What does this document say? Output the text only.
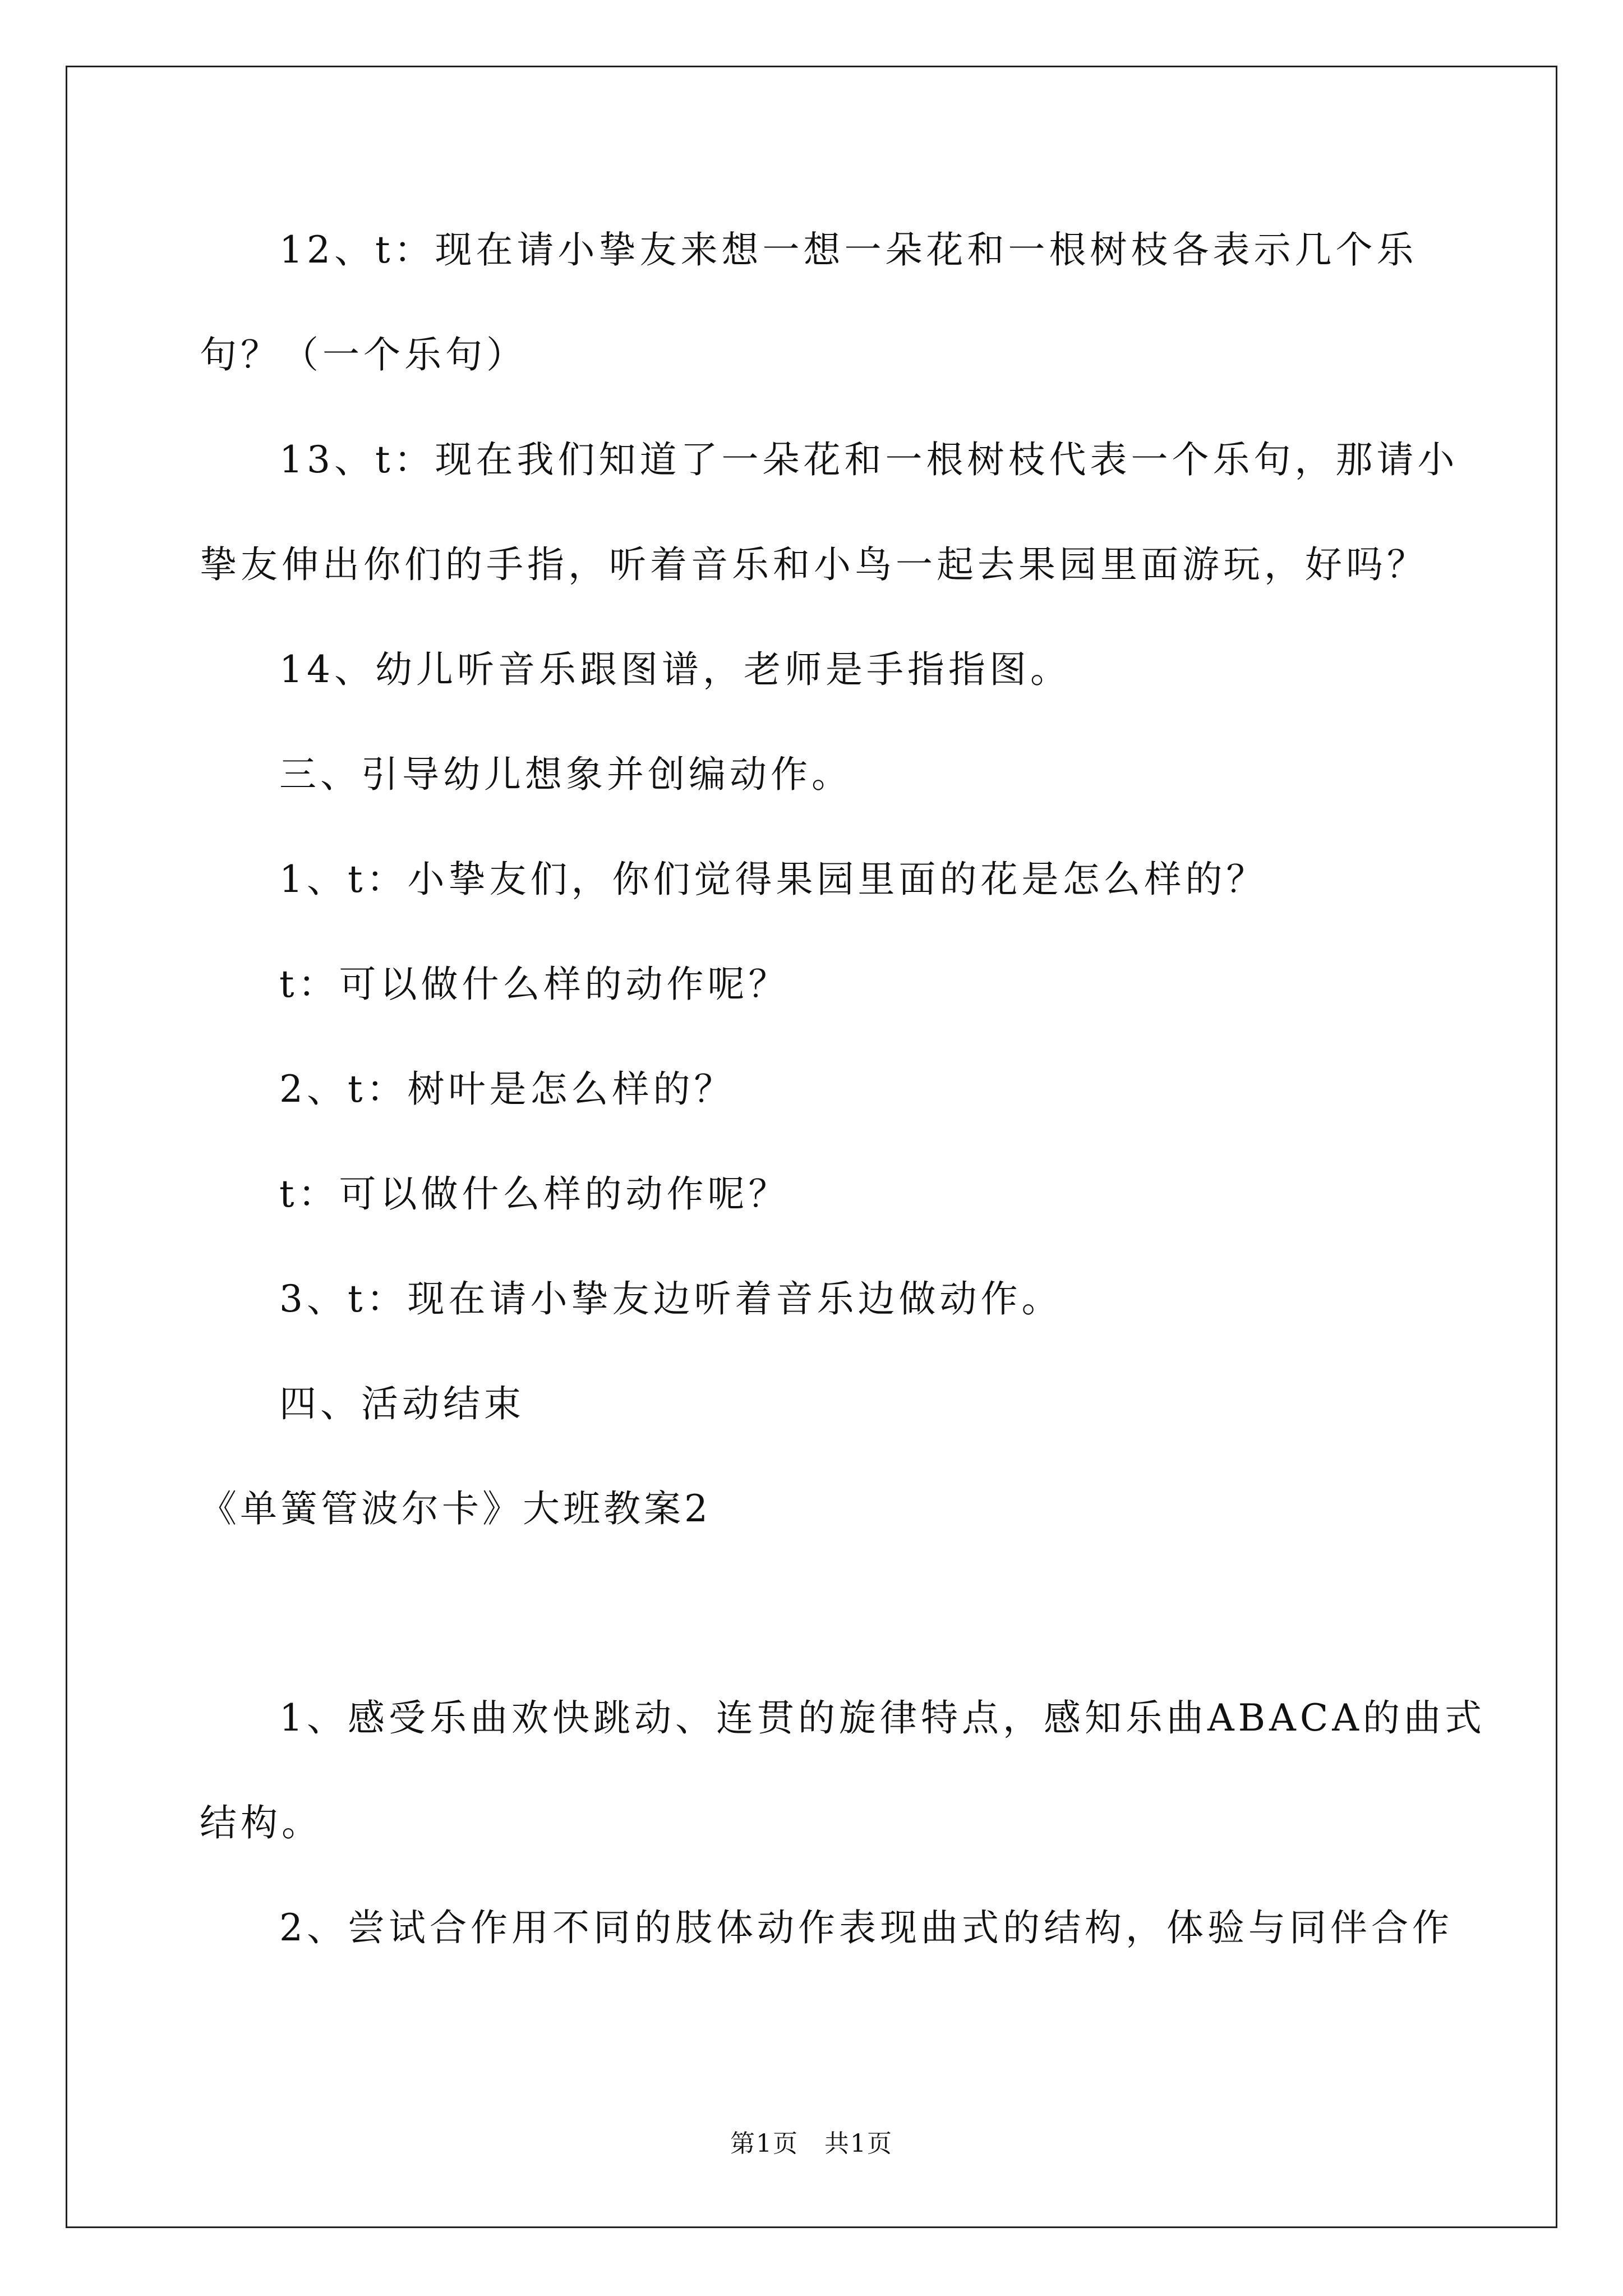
12、t：现在请小挚友来想一想一朵花和一根树枝各表示几个乐
句？（一个乐句）
13、t：现在我们知道了一朵花和一根树枝代表一个乐句，那请小
挚友伸出你们的手指，听着音乐和小鸟一起去果园里面游玩，好吗？
14、幼儿听音乐跟图谱，老师是手指指图。
三、引导幼儿想象并创编动作。
1、t：小挚友们，你们觉得果园里面的花是怎么样的？
t：可以做什么样的动作呢？
2、t：树叶是怎么样的？
t：可以做什么样的动作呢？
3、t：现在请小挚友边听着音乐边做动作。
四、活动结束
《单簧管波尔卡》大班教案2
1、感受乐曲欢快跳动、连贯的旋律特点，感知乐曲ABACA的曲式
结构。
2、尝试合作用不同的肢体动作表现曲式的结构，体验与同伴合作
第1页　共1页
